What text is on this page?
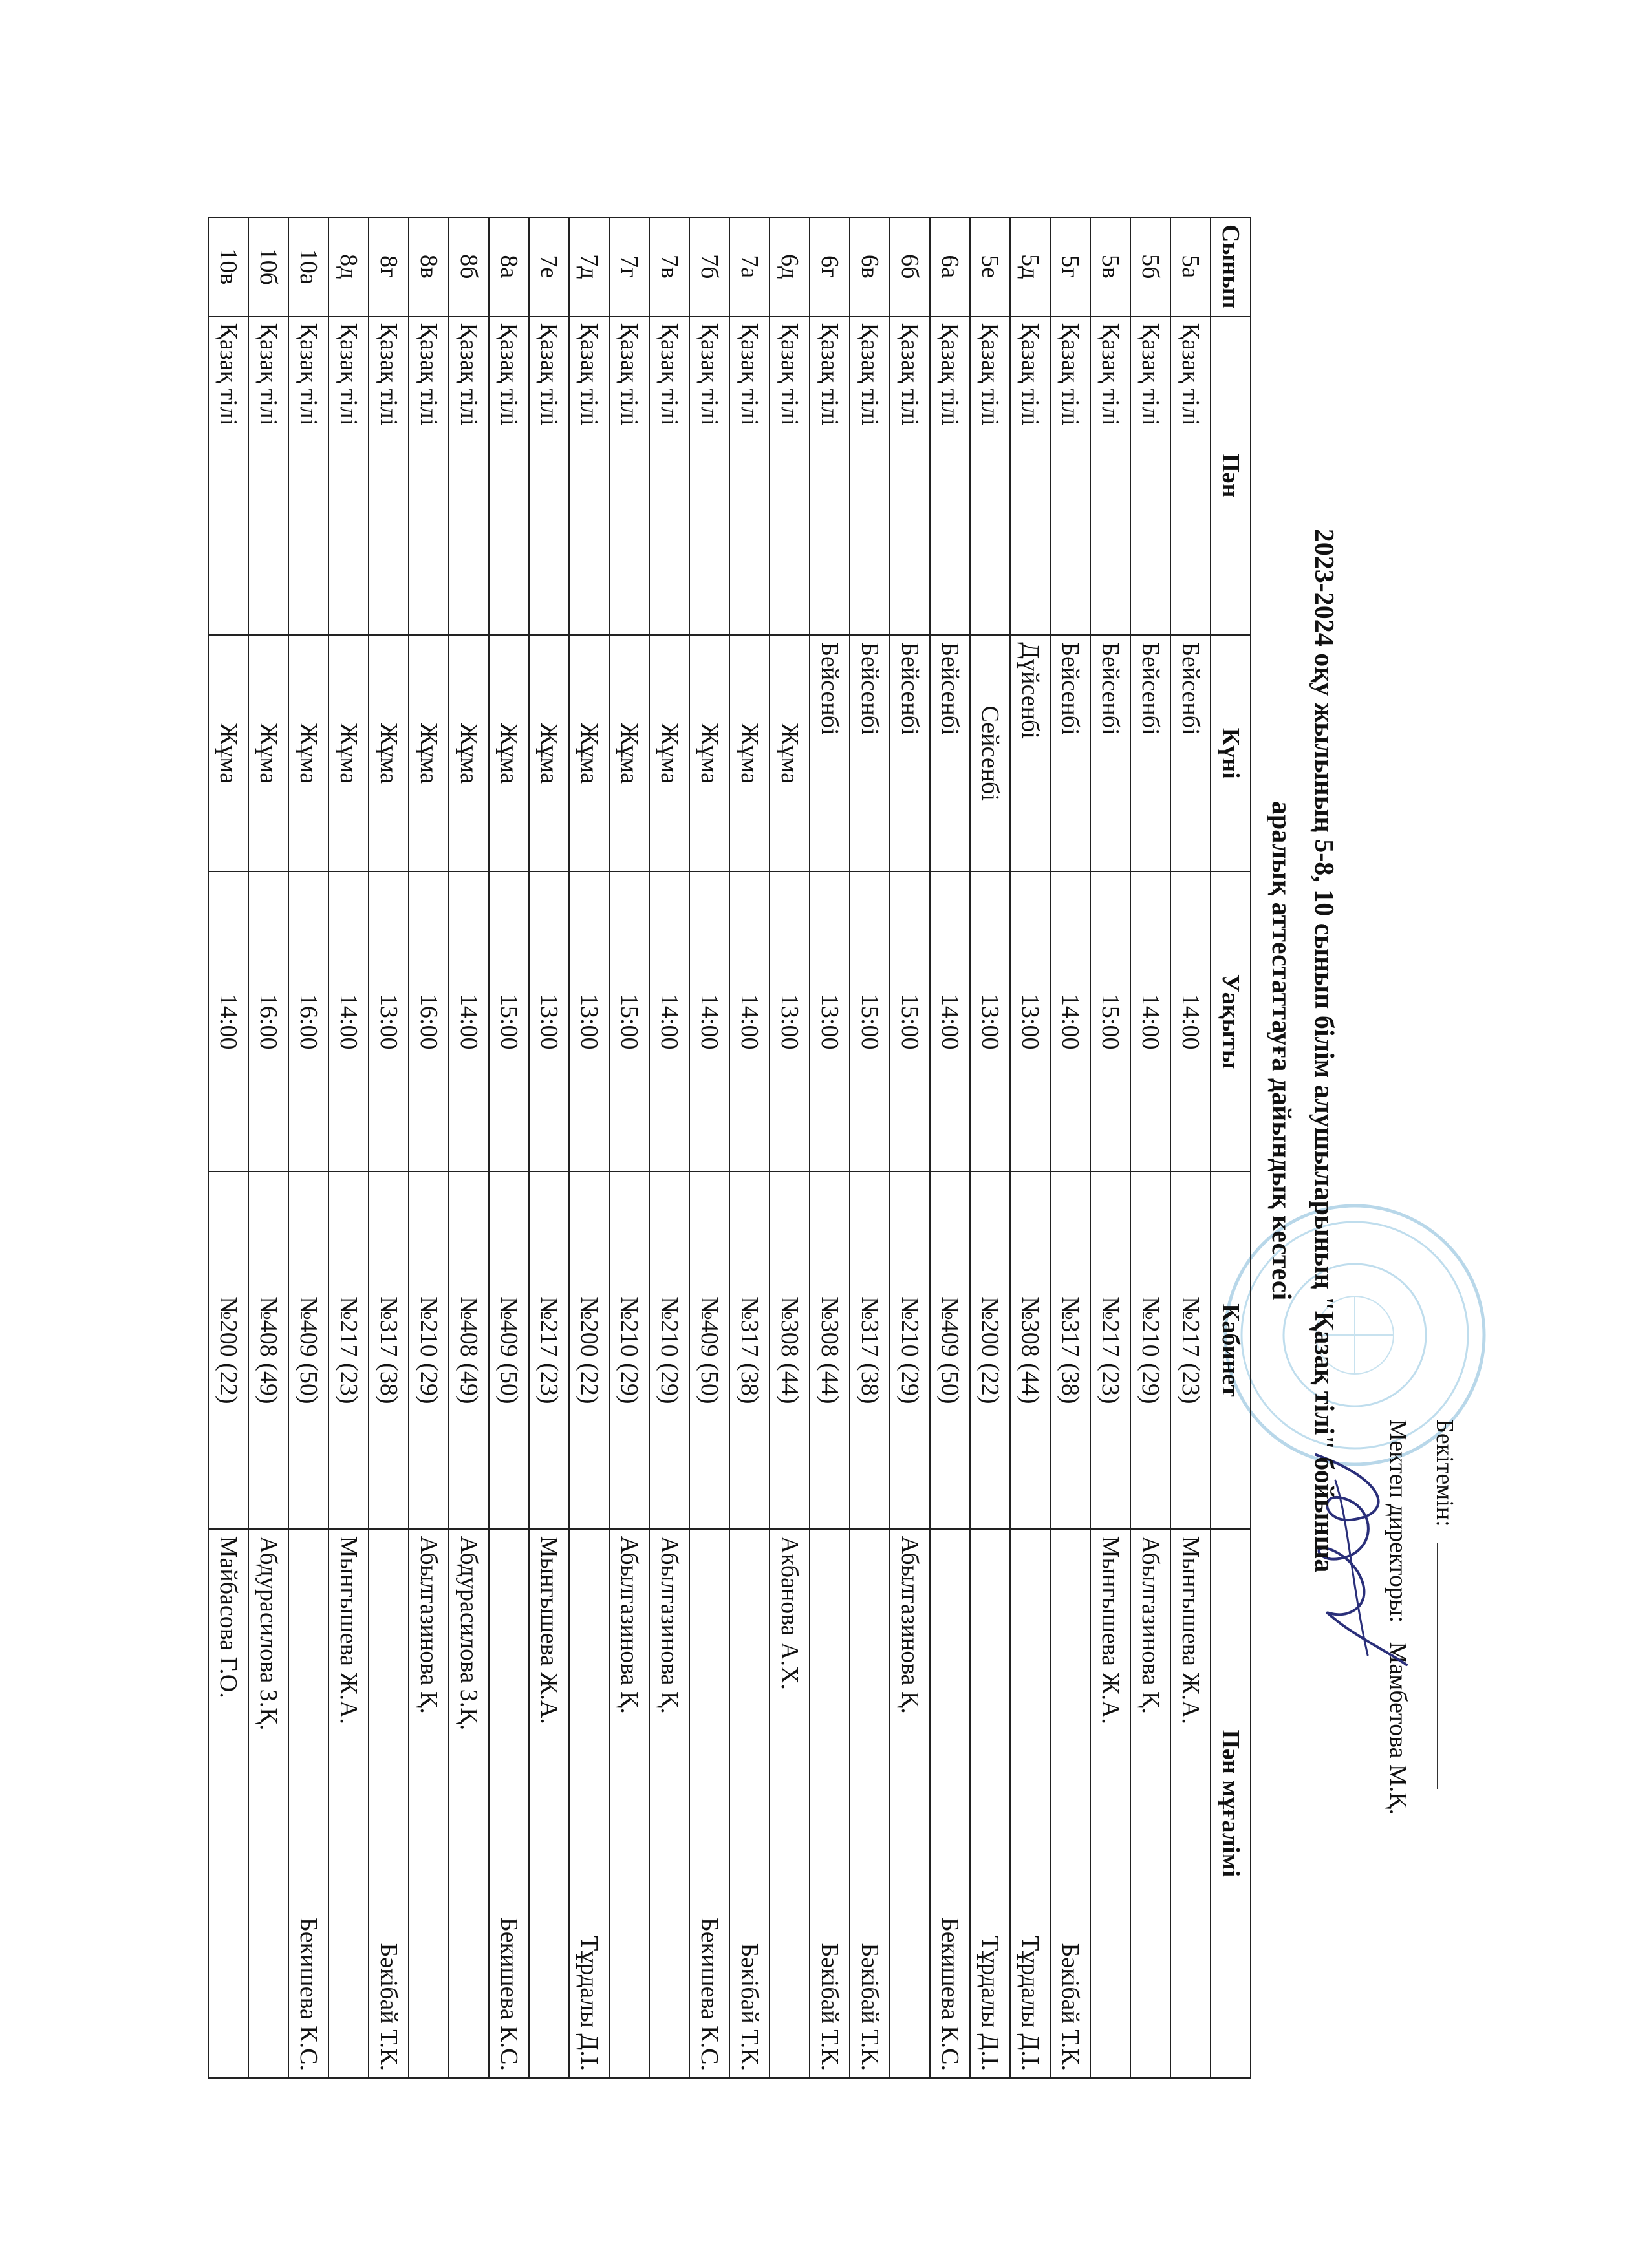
Бекітемін:
Мектеп директоры: Мамбетова М.Қ.
2023-2024 оқу жылының 5-8, 10 сынып білім алушыларының "Қазақ тілі" бойынша
аралық аттестаттауға дайындық кестесі
Сынып	Пән	Күні	Уақыты	Кабинет	Пән мұғалімі
5а	Қазақ тілі	Бейсенбі	14:00	№217 (23)	Мынгышева Ж.А.
5б	Қазақ тілі	Бейсенбі	14:00	№210 (29)	Абылгазинова Қ.
5в	Қазақ тілі	Бейсенбі	15:00	№217 (23)	Мынгышева Ж.А.
5г	Қазақ тілі	Бейсенбі	14:00	№317 (38)	Бәкібай Т.К.
5д	Қазақ тілі	Дүйсенбі	13:00	№308 (44)	Тұрдалы Д.І.
5е	Қазақ тілі	Сейсенбі	13:00	№200 (22)	Тұрдалы Д.І.
6а	Қазақ тілі	Бейсенбі	14:00	№409 (50)	Бекишева К.С.
6б	Қазақ тілі	Бейсенбі	15:00	№210 (29)	Абылгазинова Қ.
6в	Қазақ тілі	Бейсенбі	15:00	№317 (38)	Бәкібай Т.К.
6г	Қазақ тілі	Бейсенбі	13:00	№308 (44)	Бәкібай Т.К.
6д	Қазақ тілі	Жұма	13:00	№308 (44)	Акбанова А.Х.
7а	Қазақ тілі	Жұма	14:00	№317 (38)	Бәкібай Т.К.
7б	Қазақ тілі	Жұма	14:00	№409 (50)	Бекишева К.С.
7в	Қазақ тілі	Жұма	14:00	№210 (29)	Абылгазинова Қ.
7г	Қазақ тілі	Жұма	15:00	№210 (29)	Абылгазинова Қ.
7д	Қазақ тілі	Жұма	13:00	№200 (22)	Тұрдалы Д.І.
7е	Қазақ тілі	Жұма	13:00	№217 (23)	Мынгышева Ж.А.
8а	Қазақ тілі	Жұма	15:00	№409 (50)	Бекишева К.С.
8б	Қазақ тілі	Жұма	14:00	№408 (49)	Абдурасилова З.Қ.
8в	Қазақ тілі	Жұма	16:00	№210 (29)	Абылгазинова Қ.
8г	Қазақ тілі	Жұма	13:00	№317 (38)	Бәкібай Т.К.
8д	Қазақ тілі	Жұма	14:00	№217 (23)	Мынгышева Ж.А.
10а	Қазақ тілі	Жұма	16:00	№409 (50)	Бекишева К.С.
10б	Қазақ тілі	Жұма	16:00	№408 (49)	Абдурасилова З.Қ.
10в	Қазақ тілі	Жұма	14:00	№200 (22)	Майбасова Г.О.
